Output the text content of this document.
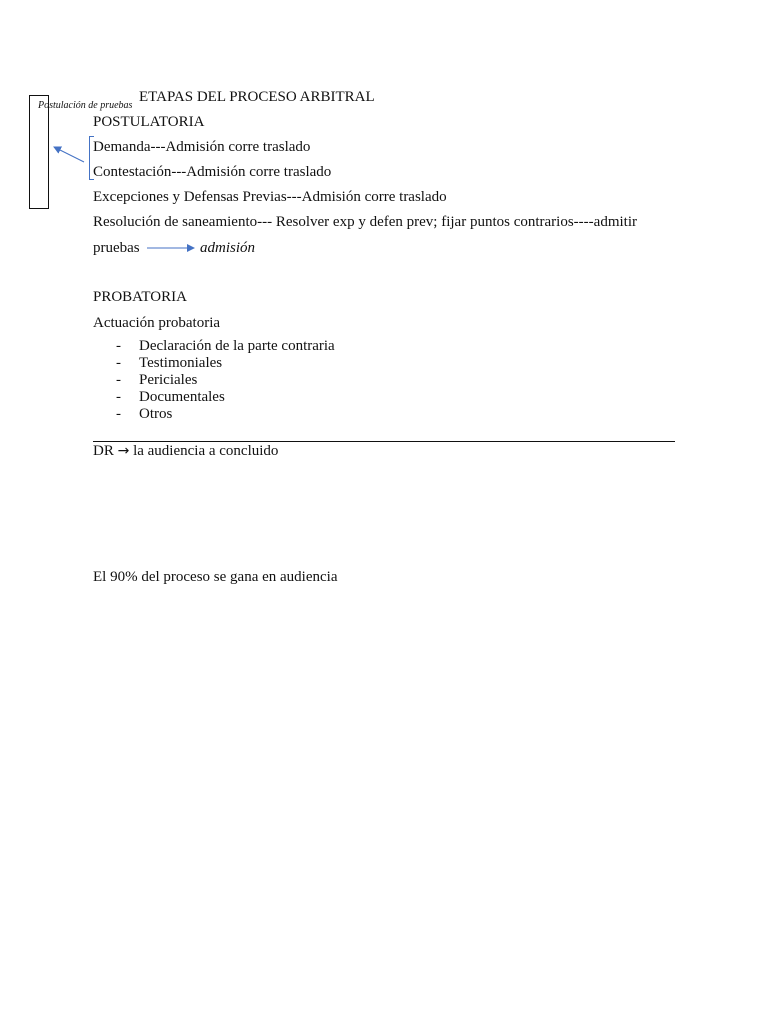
Postulación de pruebas
ETAPAS DEL PROCESO ARBITRAL
POSTULATORIA
Demanda---Admisión corre traslado
Contestación---Admisión corre traslado
Excepciones y Defensas Previas---Admisión corre traslado
Resolución de saneamiento--- Resolver exp y defen prev; fijar puntos contrarios----admitir
pruebas	admisión
PROBATORIA
Actuación probatoria
- Declaración de la parte contraria
- Testimoniales
- Periciales
- Documentales
- Otros
DR → la audiencia a concluido
El 90% del proceso se gana en audiencia
